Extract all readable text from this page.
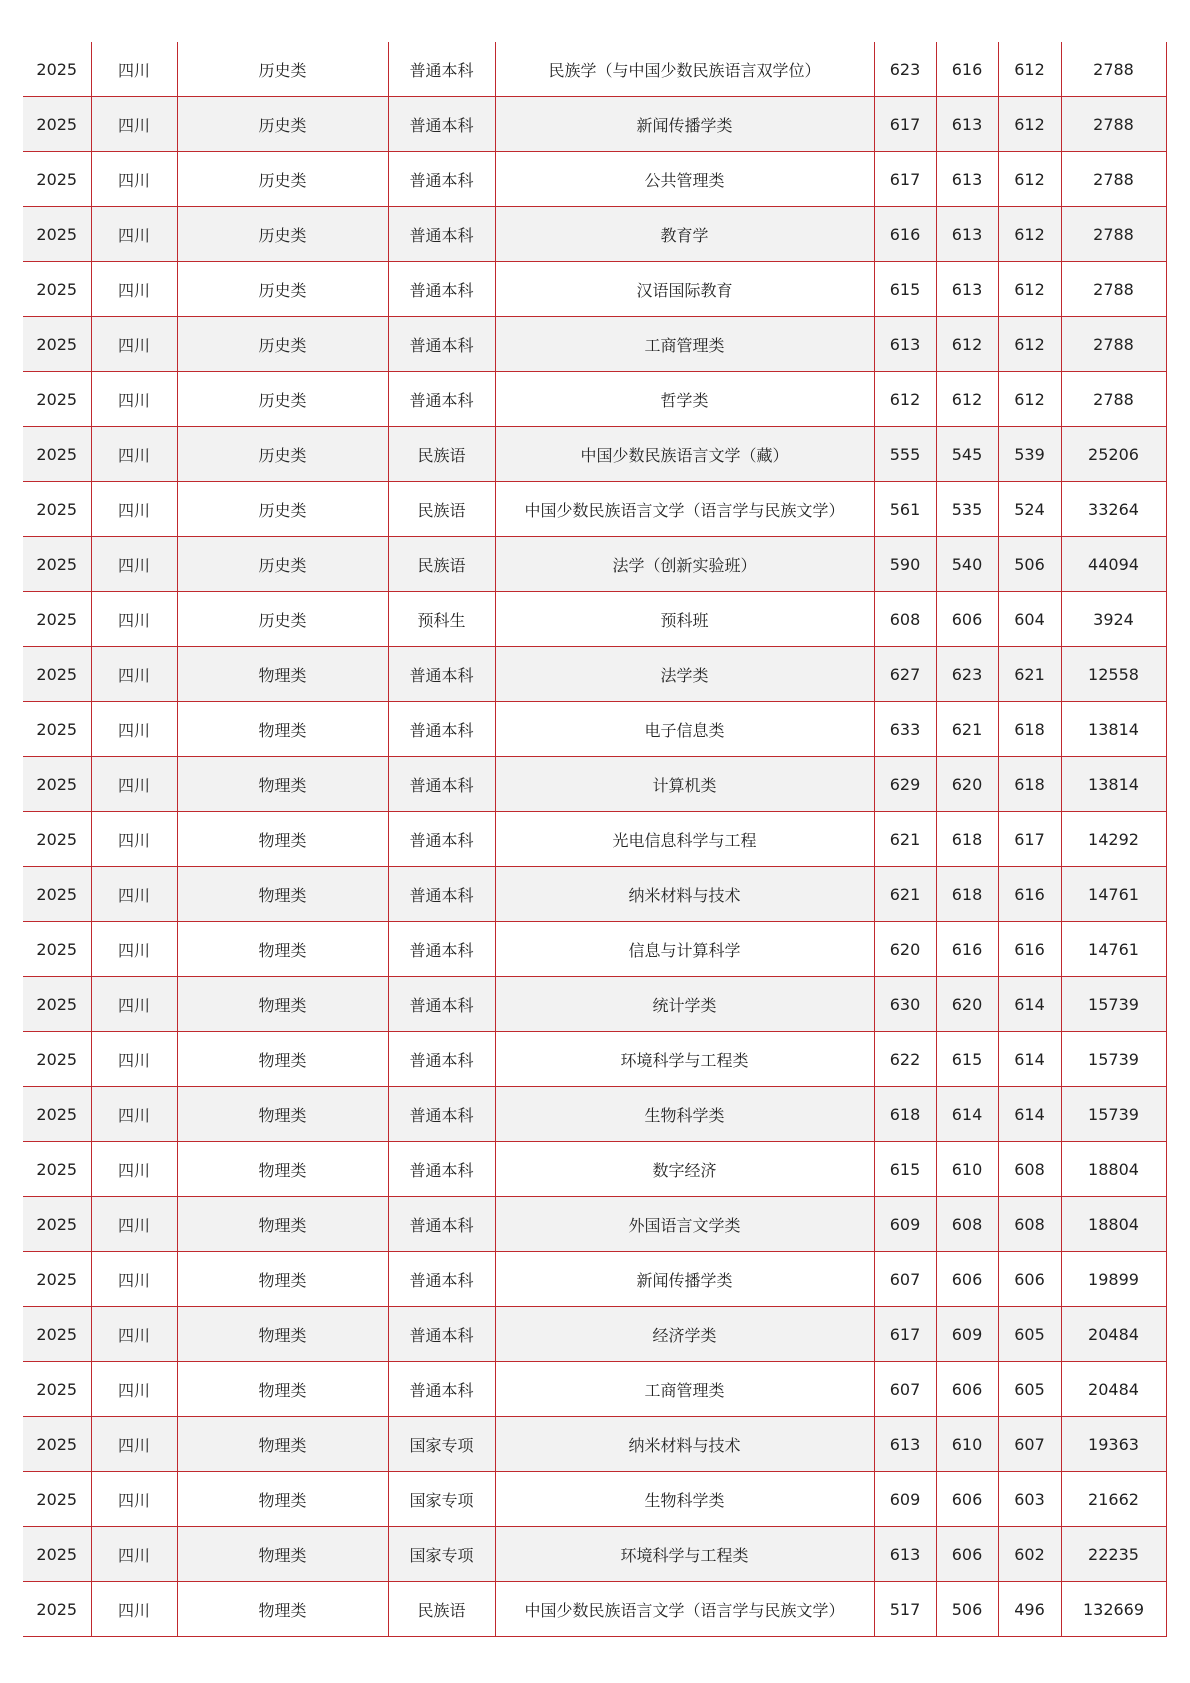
2025	四川	历史类	普通本科	民族学（与中国少数民族语言双学位）	623	616	612	2788
2025	四川	历史类	普通本科	新闻传播学类	617	613	612	2788
2025	四川	历史类	普通本科	公共管理类	617	613	612	2788
2025	四川	历史类	普通本科	教育学	616	613	612	2788
2025	四川	历史类	普通本科	汉语国际教育	615	613	612	2788
2025	四川	历史类	普通本科	工商管理类	613	612	612	2788
2025	四川	历史类	普通本科	哲学类	612	612	612	2788
2025	四川	历史类	民族语	中国少数民族语言文学（藏）	555	545	539	25206
2025	四川	历史类	民族语	中国少数民族语言文学（语言学与民族文学）	561	535	524	33264
2025	四川	历史类	民族语	法学（创新实验班）	590	540	506	44094
2025	四川	历史类	预科生	预科班	608	606	604	3924
2025	四川	物理类	普通本科	法学类	627	623	621	12558
2025	四川	物理类	普通本科	电子信息类	633	621	618	13814
2025	四川	物理类	普通本科	计算机类	629	620	618	13814
2025	四川	物理类	普通本科	光电信息科学与工程	621	618	617	14292
2025	四川	物理类	普通本科	纳米材料与技术	621	618	616	14761
2025	四川	物理类	普通本科	信息与计算科学	620	616	616	14761
2025	四川	物理类	普通本科	统计学类	630	620	614	15739
2025	四川	物理类	普通本科	环境科学与工程类	622	615	614	15739
2025	四川	物理类	普通本科	生物科学类	618	614	614	15739
2025	四川	物理类	普通本科	数字经济	615	610	608	18804
2025	四川	物理类	普通本科	外国语言文学类	609	608	608	18804
2025	四川	物理类	普通本科	新闻传播学类	607	606	606	19899
2025	四川	物理类	普通本科	经济学类	617	609	605	20484
2025	四川	物理类	普通本科	工商管理类	607	606	605	20484
2025	四川	物理类	国家专项	纳米材料与技术	613	610	607	19363
2025	四川	物理类	国家专项	生物科学类	609	606	603	21662
2025	四川	物理类	国家专项	环境科学与工程类	613	606	602	22235
2025	四川	物理类	民族语	中国少数民族语言文学（语言学与民族文学）	517	506	496	132669
